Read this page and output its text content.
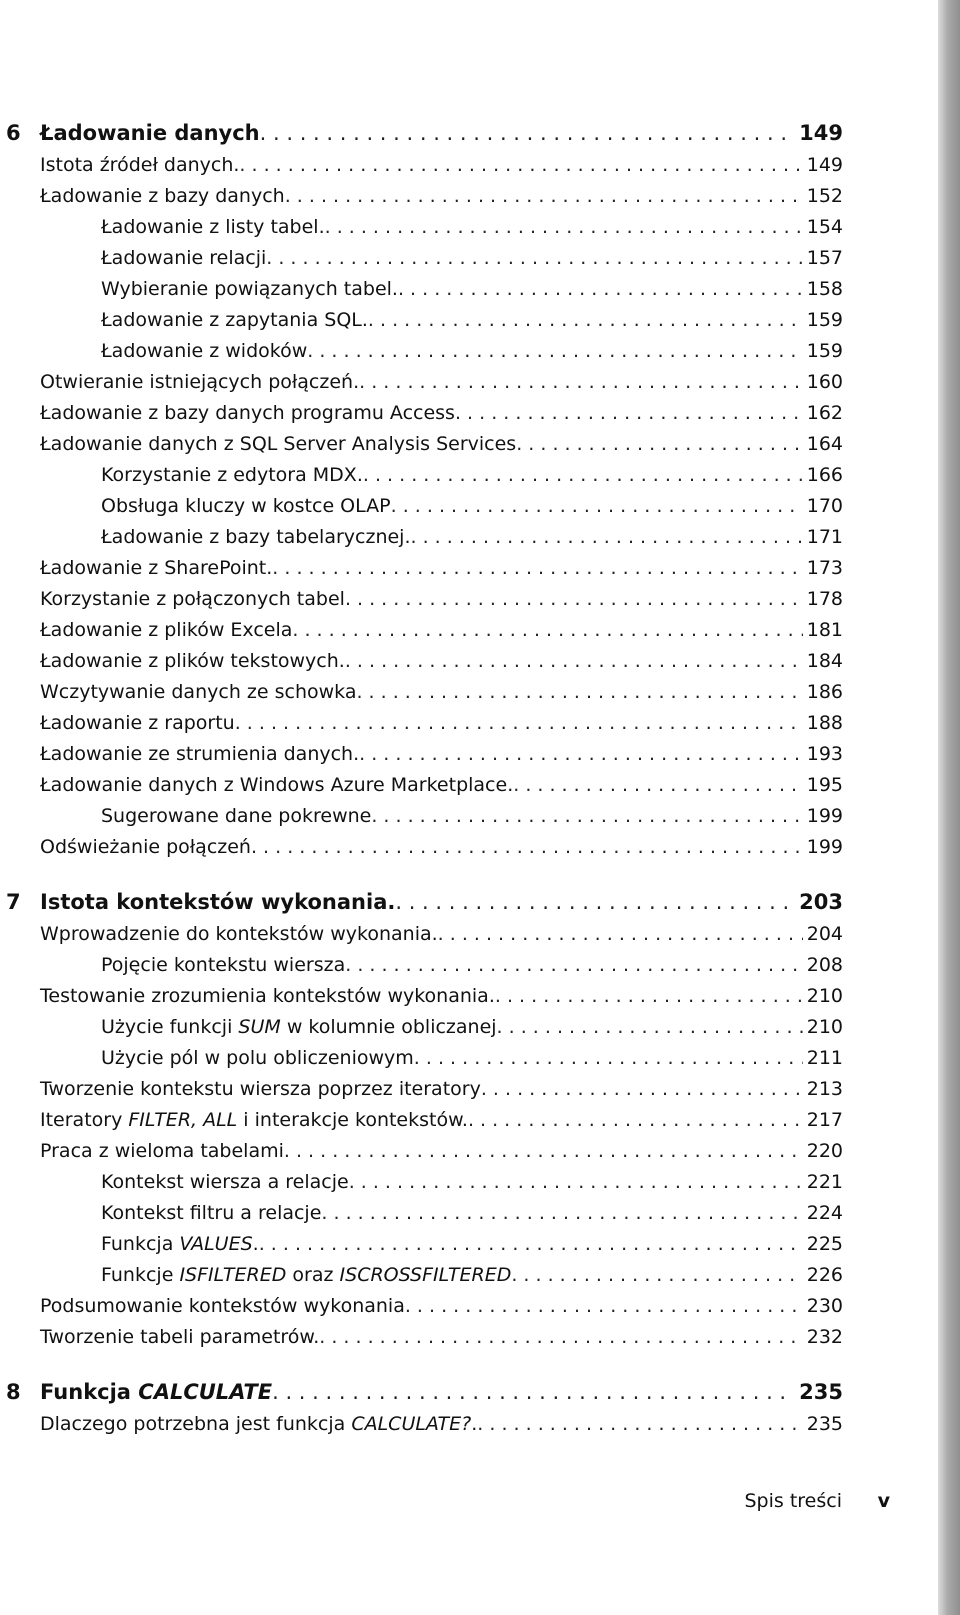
6 Ładowanie danych . . .	149
Istota źródeł danych. . . .	149
Ładowanie z bazy danych . . .	152
Ładowanie z listy tabel. . . .	154
Ładowanie relacji . . .	157
Wybieranie powiązanych tabel. . . .	158
Ładowanie z zapytania SQL. . . .	159
Ładowanie z widoków . . .	159
Otwieranie istniejących połączeń. . . .	160
Ładowanie z bazy danych programu Access . . .	162
Ładowanie danych z SQL Server Analysis Services . . .	164
Korzystanie z edytora MDX. . . .	166
Obsługa kluczy w kostce OLAP . . .	170
Ładowanie z bazy tabelarycznej. . . .	171
Ładowanie z SharePoint. . . .	173
Korzystanie z połączonych tabel . . .	178
Ładowanie z plików Excela . . .	181
Ładowanie z plików tekstowych. . . .	184
Wczytywanie danych ze schowka . . .	186
Ładowanie z raportu . . .	188
Ładowanie ze strumienia danych. . . .	193
Ładowanie danych z Windows Azure Marketplace. . . .	195
Sugerowane dane pokrewne . . .	199
Odświeżanie połączeń . . .	199
7 Istota kontekstów wykonania. . . .	203
Wprowadzenie do kontekstów wykonania. . . .	204
Pojęcie kontekstu wiersza . . .	208
Testowanie zrozumienia kontekstów wykonania. . . .	210
Użycie funkcji SUM w kolumnie obliczanej . . .	210
Użycie pól w polu obliczeniowym . . .	211
Tworzenie kontekstu wiersza poprzez iteratory . . .	213
Iteratory FILTER, ALL i interakcje kontekstów. . . .	217
Praca z wieloma tabelami . . .	220
Kontekst wiersza a relacje . . .	221
Kontekst filtru a relacje . . .	224
Funkcja VALUES. . . .	225
Funkcje ISFILTERED oraz ISCROSSFILTERED . . .	226
Podsumowanie kontekstów wykonania . . .	230
Tworzenie tabeli parametrów. . . .	232
8 Funkcja CALCULATE . . .	235
Dlaczego potrzebna jest funkcja CALCULATE?. . . .	235
Spis treści v
